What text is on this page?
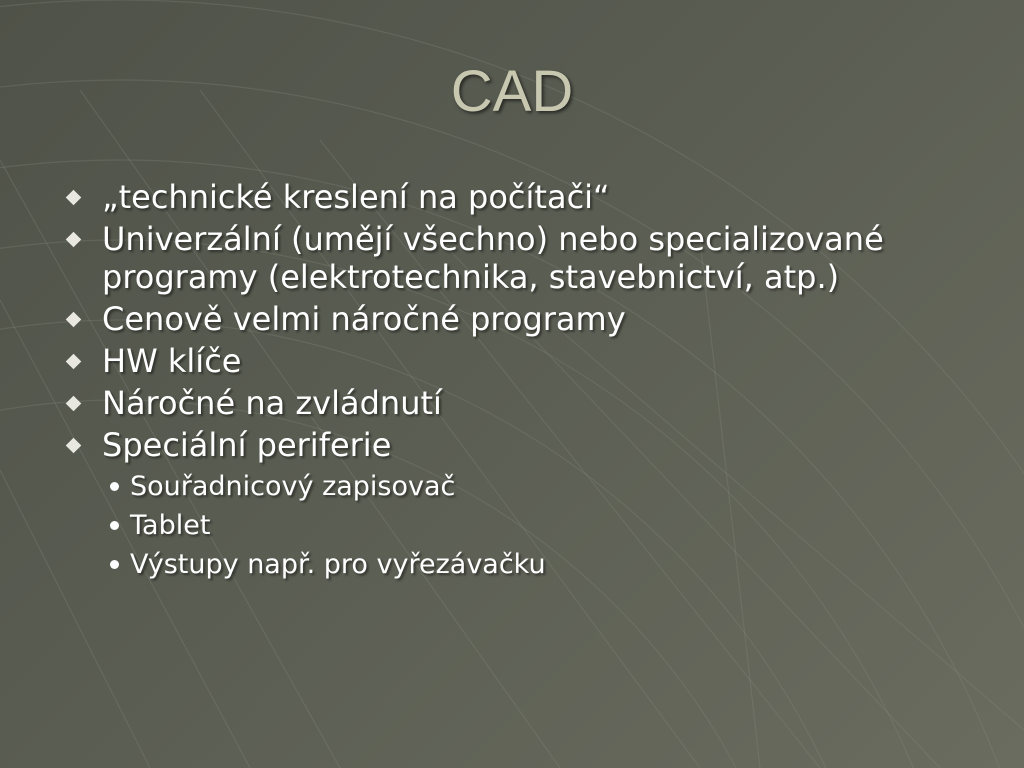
CAD
„technické kreslení na počítači“
Univerzální (umějí všechno) nebo specializované programy (elektrotechnika, stavebnictví, atp.)
Cenově velmi náročné programy
HW klíče
Náročné na zvládnutí
Speciální periferie
Souřadnicový zapisovač
Tablet
Výstupy např. pro vyřezávačku
